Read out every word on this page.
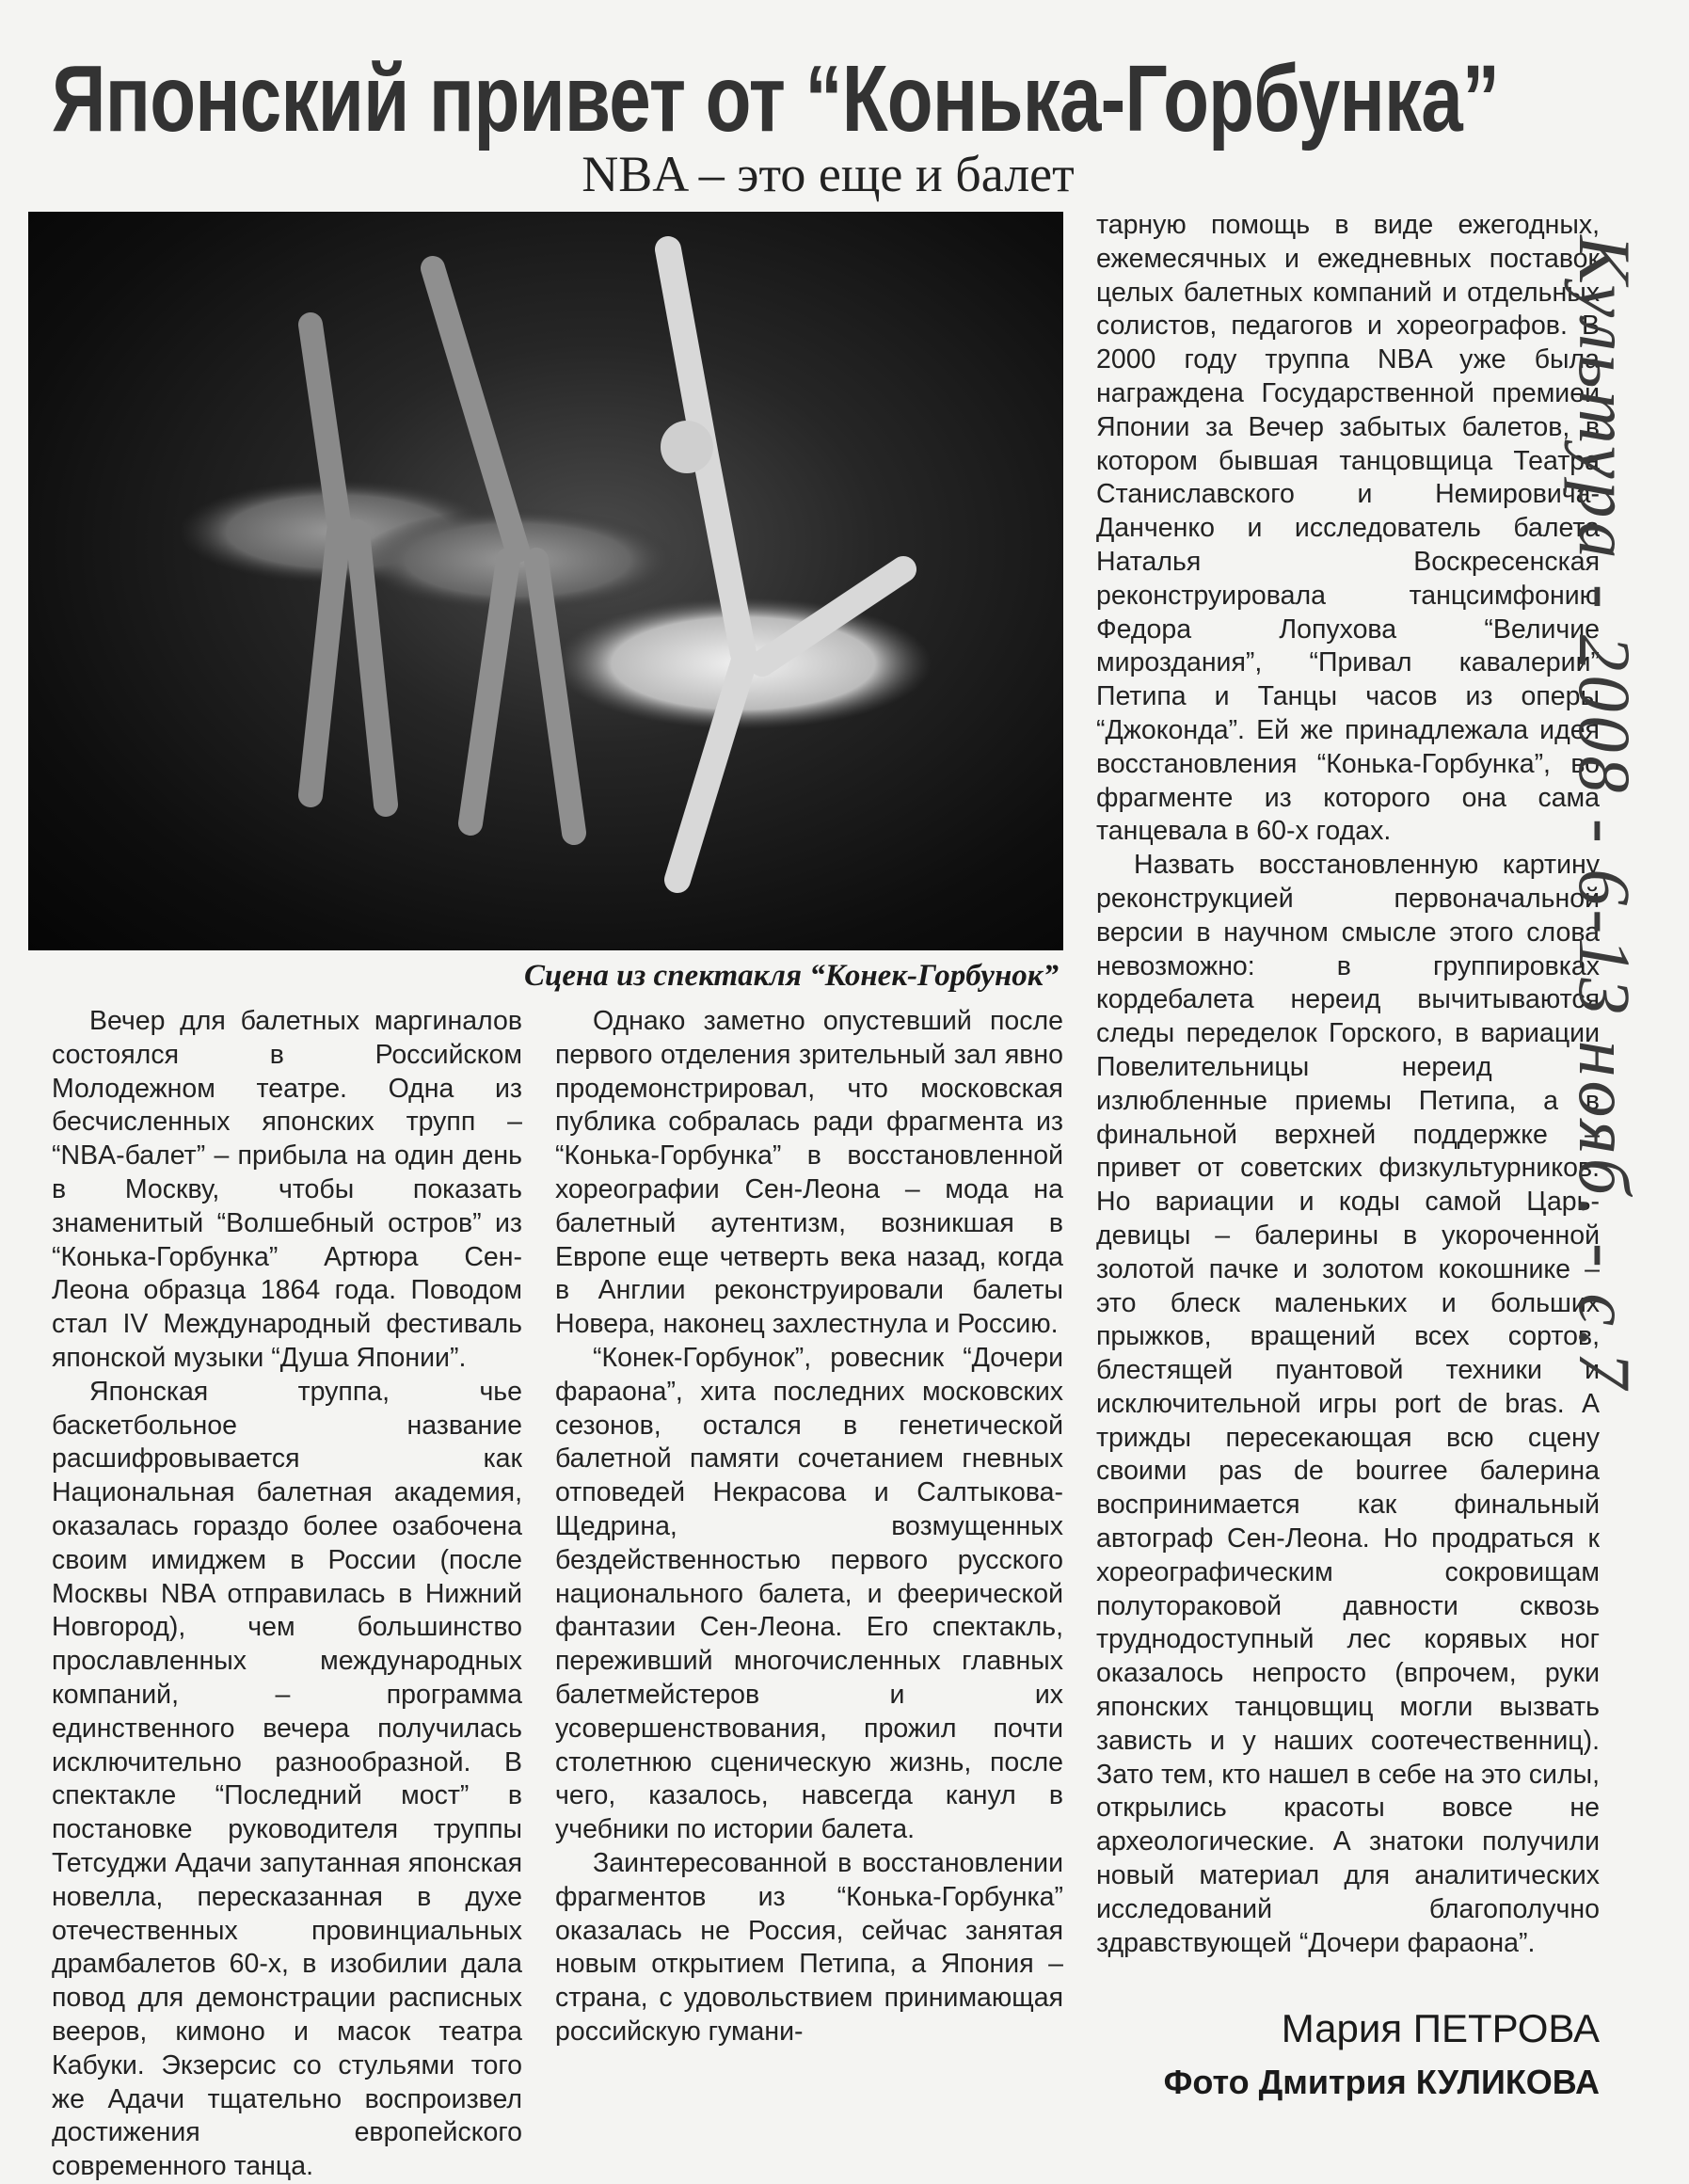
Японский привет от “Конька-Горбунка”
NBA – это еще и балет
Сцена из спектакля “Конек-Горбунок”

Вечер для балетных маргиналов состоялся в Российском Молодежном театре. Одна из бесчисленных японских трупп – “NBA-балет” – прибыла на один день в Москву, чтобы показать знаменитый “Волшебный остров” из “Конька-Горбунка” Артюра Сен-Леона образца 1864 года. Поводом стал IV Международный фестиваль японской музыки “Душа Японии”.

Японская труппа, чье баскетбольное название расшифровывается как Национальная балетная академия, оказалась гораздо более озабочена своим имиджем в России (после Москвы NBA отправилась в Нижний Новгород), чем большинство прославленных международных компаний, – программа единственного вечера получилась исключительно разнообразной. В спектакле “Последний мост” в постановке руководителя труппы Тетсуджи Адачи запутанная японская новелла, пересказанная в духе отечественных провинциальных драмбалетов 60-х, в изобилии дала повод для демонстрации расписных вееров, кимоно и масок театра Кабуки. Экзерсис со стульями того же Адачи тщательно воспроизвел достижения европейского современного танца.

Однако заметно опустевший после первого отделения зрительный зал явно продемонстрировал, что московская публика собралась ради фрагмента из “Конька-Горбунка” в восстановленной хореографии Сен-Леона – мода на балетный аутентизм, возникшая в Европе еще четверть века назад, когда в Англии реконструировали балеты Новера, наконец захлестнула и Россию.

“Конек-Горбунок”, ровесник “Дочери фараона”, хита последних московских сезонов, остался в генетической балетной памяти сочетанием гневных отповедей Некрасова и Салтыкова-Щедрина, возмущенных бездейственностью первого русского национального балета, и феерической фантазии Сен-Леона. Его спектакль, переживший многочисленных главных балетмейстеров и их усовершенствования, прожил почти столетнюю сценическую жизнь, после чего, казалось, навсегда канул в учебники по истории балета.

Заинтересованной в восстановлении фрагментов из “Конька-Горбунка” оказалась не Россия, сейчас занятая новым открытием Петипа, а Япония – страна, с удовольствием принимающая российскую гумани-

тарную помощь в виде ежегодных, ежемесячных и ежедневных поставок целых балетных компаний и отдельных солистов, педагогов и хореографов. В 2000 году труппа NBA уже была награждена Государственной премией Японии за Вечер забытых балетов, в котором бывшая танцовщица Театра Станиславского и Немировича-Данченко и исследователь балета Наталья Воскресенская реконструировала танцсимфонию Федора Лопухова “Величие мироздания”, “Привал кавалерии” Петипа и Танцы часов из оперы “Джоконда”. Ей же принадлежала идея восстановления “Конька-Горбунка”, во фрагменте из которого она сама танцевала в 60-х годах.

Назвать восстановленную картину реконструкцией первоначальной версии в научном смысле этого слова невозможно: в группировках кордебалета нереид вычитываются следы переделок Горского, в вариации Повелительницы нереид – излюбленные приемы Петипа, а в финальной верхней поддержке – привет от советских физкультурников. Но вариации и коды самой Царь-девицы – балерины в укороченной золотой пачке и золотом кокошнике – это блеск маленьких и больших прыжков, вращений всех сортов, блестящей пуантовой техники и исключительной игры port de bras. А трижды пересекающая всю сцену своими pas de bourree балерина воспринимается как финальный автограф Сен-Леона. Но продраться к хореографическим сокровищам полутораковой давности сквозь труднодоступный лес корявых ног оказалось непросто (впрочем, руки японских танцовщиц могли вызвать зависть и у наших соотечественниц). Зато тем, кто нашел в себе на это силы, открылись красоты вовсе не археологические. А знатоки получили новый материал для аналитических исследований благополучно здравствующей “Дочери фараона”.

Мария ПЕТРОВА
Фото Дмитрия КУЛИКОВА
Культура - 2008 - 6-13 нояб. - с.7
